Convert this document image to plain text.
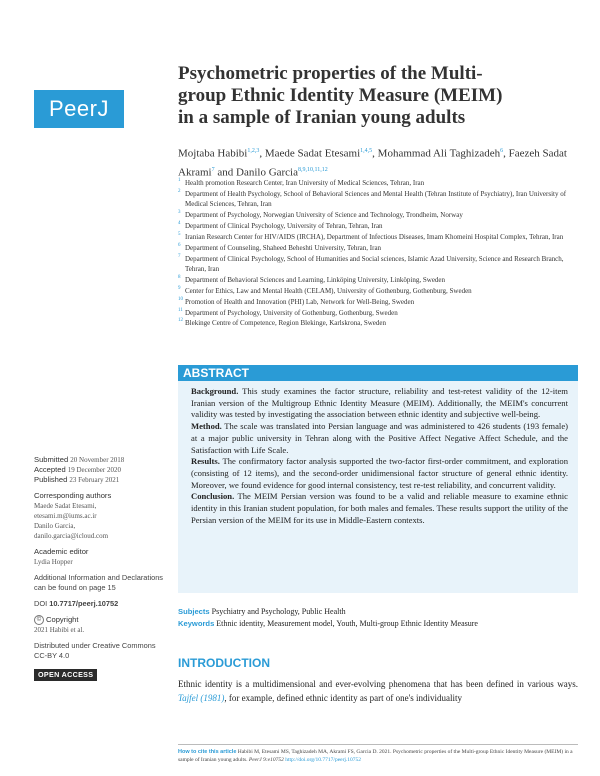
PeerJ
Psychometric properties of the Multi-
group Ethnic Identity Measure (MEIM)
in a sample of Iranian young adults
Mojtaba Habibi$^{1,2,3}$, Maede Sadat Etesami$^{1,4,5}$, Mohammad Ali Taghizadeh$^6$, Faezeh Sadat Akrami$^7$ and Danilo Garcia$^{8,9,10,11,12}$
1 Health promotion Research Center, Iran University of Medical Sciences, Tehran, Iran
2 Department of Health Psychology, School of Behavioral Sciences and Mental Health (Tehran Institute of Psychiatry), Iran University of Medical Sciences, Tehran, Iran
3 Department of Psychology, Norwegian University of Science and Technology, Trondheim, Norway
4 Department of Clinical Psychology, University of Tehran, Tehran, Iran
5 Iranian Research Center for HIV/AIDS (IRCHA), Department of Infectious Diseases, Imam Khomeini Hospital Complex, Tehran, Iran
6 Department of Counseling, Shaheed Beheshti University, Tehran, Iran
7 Department of Clinical Psychology, School of Humanities and Social sciences, Islamic Azad University, Science and Research Branch, Tehran, Iran
8 Department of Behavioral Sciences and Learning, Linköping University, Linköping, Sweden
9 Center for Ethics, Law and Mental Health (CELAM), University of Gothenburg, Gothenburg, Sweden
10 Promotion of Health and Innovation (PHI) Lab, Network for Well-Being, Sweden
11 Department of Psychology, University of Gothenburg, Gothenburg, Sweden
12 Blekinge Centre of Competence, Region Blekinge, Karlskrona, Sweden
ABSTRACT

Background. This study examines the factor structure, reliability and test-retest validity of the 12-item Iranian version of the Multigroup Ethnic Identity Measure (MEIM). Additionally, the MEIM's concurrent validity was tested by investigating the association between ethnic identity and subjective well-being.

Method. The scale was translated into Persian language and was administered to 426 students (193 female) at a major public university in Tehran along with the Positive Affect Negative Affect Schedule, and the Satisfaction with Life Scale.

Results. The confirmatory factor analysis supported the two-factor first-order commitment, and exploration (consisting of 12 items), and the second-order unidimensional factor structure of general ethnic identity. Moreover, we found evidence for good internal consistency, test re-test reliability, and concurrent validity.

Conclusion. The MEIM Persian version was found to be a valid and reliable measure to examine ethnic identity in this Iranian student population, for both males and females. These results support the utility of the Persian version of the MEIM for its use in Middle-Eastern contexts.

Submitted 20 November 2018
Accepted 19 December 2020
Published 23 February 2021
Corresponding authors
Maede Sadat Etesami,
etesami.m@iums.ac.ir
Danilo Garcia,
danilo.garcia@icloud.com
Academic editor
Lydia Hopper
Additional Information and Declarations can be found on page 15
DOI 10.7717/peerj.10752
© Copyright
2021 Habibi et al.
Distributed under Creative Commons CC-BY 4.0
OPEN ACCESS
Subjects Psychiatry and Psychology, Public Health
Keywords Ethnic identity, Measurement model, Youth, Multi-group Ethnic Identity Measure
INTRODUCTION
Ethnic identity is a multidimensional and ever-evolving phenomena that has been defined in various ways. Tajfel (1981), for example, defined ethnic identity as part of one's individuality
How to cite this article Habibi M, Etesami MS, Taghizadeh MA, Akrami FS, Garcia D. 2021. Psychometric properties of the Multi-group Ethnic Identity Measure (MEIM) in a sample of Iranian young adults. PeerJ 9:e10752 http://doi.org/10.7717/peerj.10752
